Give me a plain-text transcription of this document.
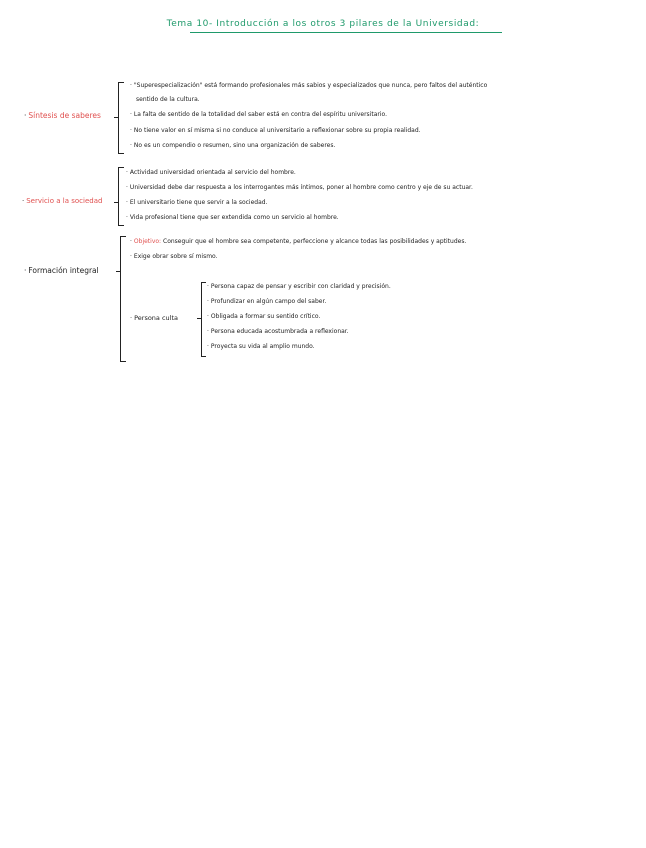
Tema 10- Introducción a los otros 3 pilares de la Universidad:
· Síntesis de saberes
· "Superespecialización" está formando profesionales más sabios y especializados que nunca, pero faltos del auténtico
sentido de la cultura.
· La falta de sentido de la totalidad del saber está en contra del espíritu universitario.
· No tiene valor en sí misma si no conduce al universitario a reflexionar sobre su propia realidad.
· No es un compendio o resumen, sino una organización de saberes.
· Servicio a la sociedad
· Actividad universidad orientada al servicio del hombre.
· Universidad debe dar respuesta a los interrogantes más íntimos, poner al hombre como centro y eje de su actuar.
· El universitario tiene que servir a la sociedad.
· Vida profesional tiene que ser extendida como un servicio al hombre.
· Formación integral
· Objetivo: Conseguir que el hombre sea competente, perfeccione y alcance todas las posibilidades y aptitudes.
· Exige obrar sobre sí mismo.
· Persona culta
· Persona capaz de pensar y escribir con claridad y precisión.
· Profundizar en algún campo del saber.
· Obligada a formar su sentido crítico.
· Persona educada acostumbrada a reflexionar.
· Proyecta su vida al amplio mundo.
